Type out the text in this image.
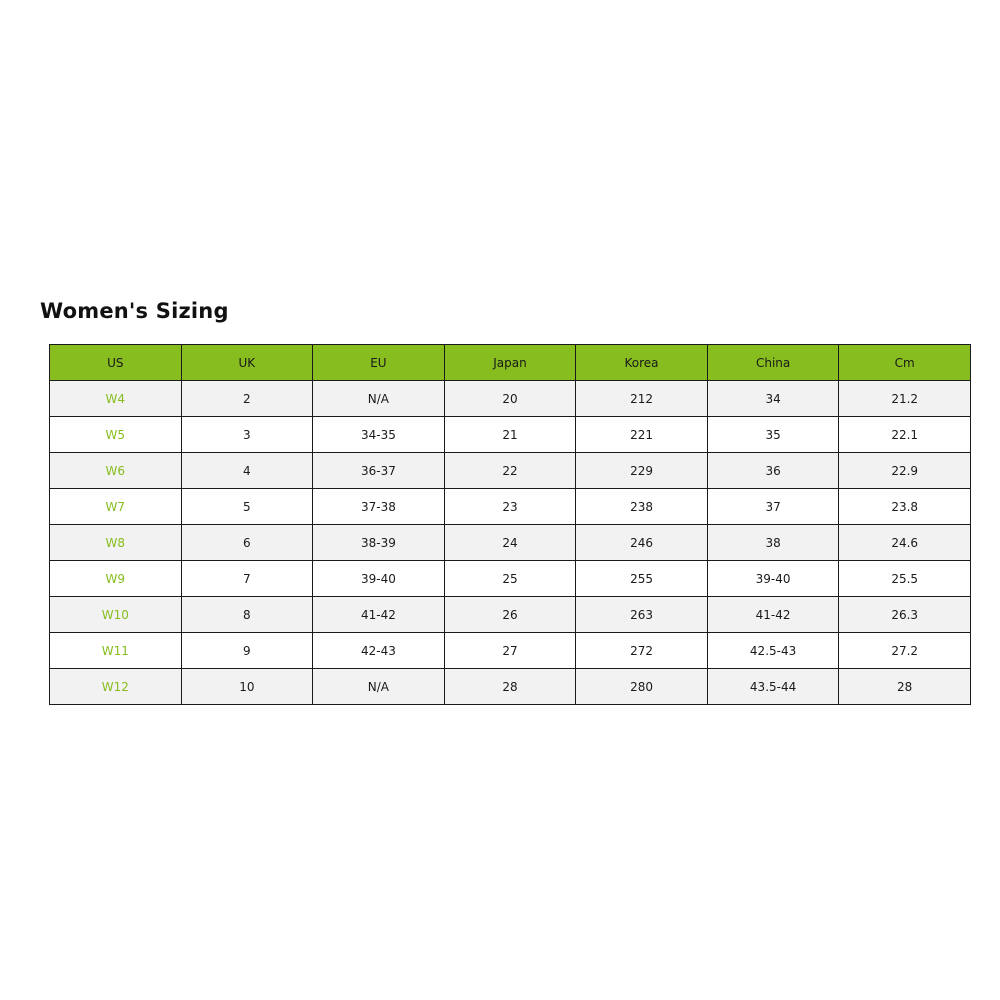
Women's Sizing
US	UK	EU	Japan	Korea	China	Cm
W4	2	N/A	20	212	34	21.2
W5	3	34-35	21	221	35	22.1
W6	4	36-37	22	229	36	22.9
W7	5	37-38	23	238	37	23.8
W8	6	38-39	24	246	38	24.6
W9	7	39-40	25	255	39-40	25.5
W10	8	41-42	26	263	41-42	26.3
W11	9	42-43	27	272	42.5-43	27.2
W12	10	N/A	28	280	43.5-44	28
